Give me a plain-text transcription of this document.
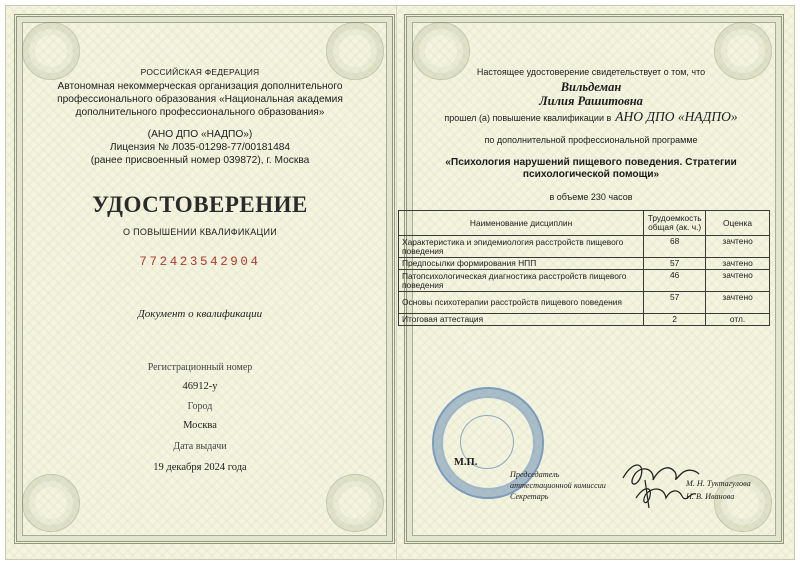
РОССИЙСКАЯ ФЕДЕРАЦИЯ
Автономная некоммерческая организация дополнительного
профессионального образования «Национальная академия
дополнительного профессионального образования»
(АНО ДПО «НАДПО»)
Лицензия № Л035-01298-77/00181484
(ранее присвоенный номер 039872), г. Москва
УДОСТОВЕРЕНИЕ
О ПОВЫШЕНИИ КВАЛИФИКАЦИИ
772423542904
Документ о квалификации
Регистрационный номер
46912-у
Город
Москва
Дата выдачи
19 декабря 2024 года
Настоящее удостоверение свидетельствует о том, что
Вильдеман
Лилия Рашитовна
прошел (а) повышение квалификации в АНО ДПО «НАДПО»
по дополнительной профессиональной программе
«Психология нарушений пищевого поведения. Стратегии
психологической помощи»
в объеме 230 часов
Наименование дисциплин	Трудоемкость общая (ак. ч.)	Оценка
Характеристика и эпидемиология расстройств пищевого поведения	68	зачтено
Предпосылки формирования НПП	57	зачтено
Патопсихологическая диагностика расстройств пищевого поведения	46	зачтено
Основы психотерапии расстройств пищевого поведения	57	зачтено
Итоговая аттестация	2	отл.
М.П.
Председатель
аттестационной комиссии	М. Н. Туктагулова
Секретарь	Н. В. Иванова
